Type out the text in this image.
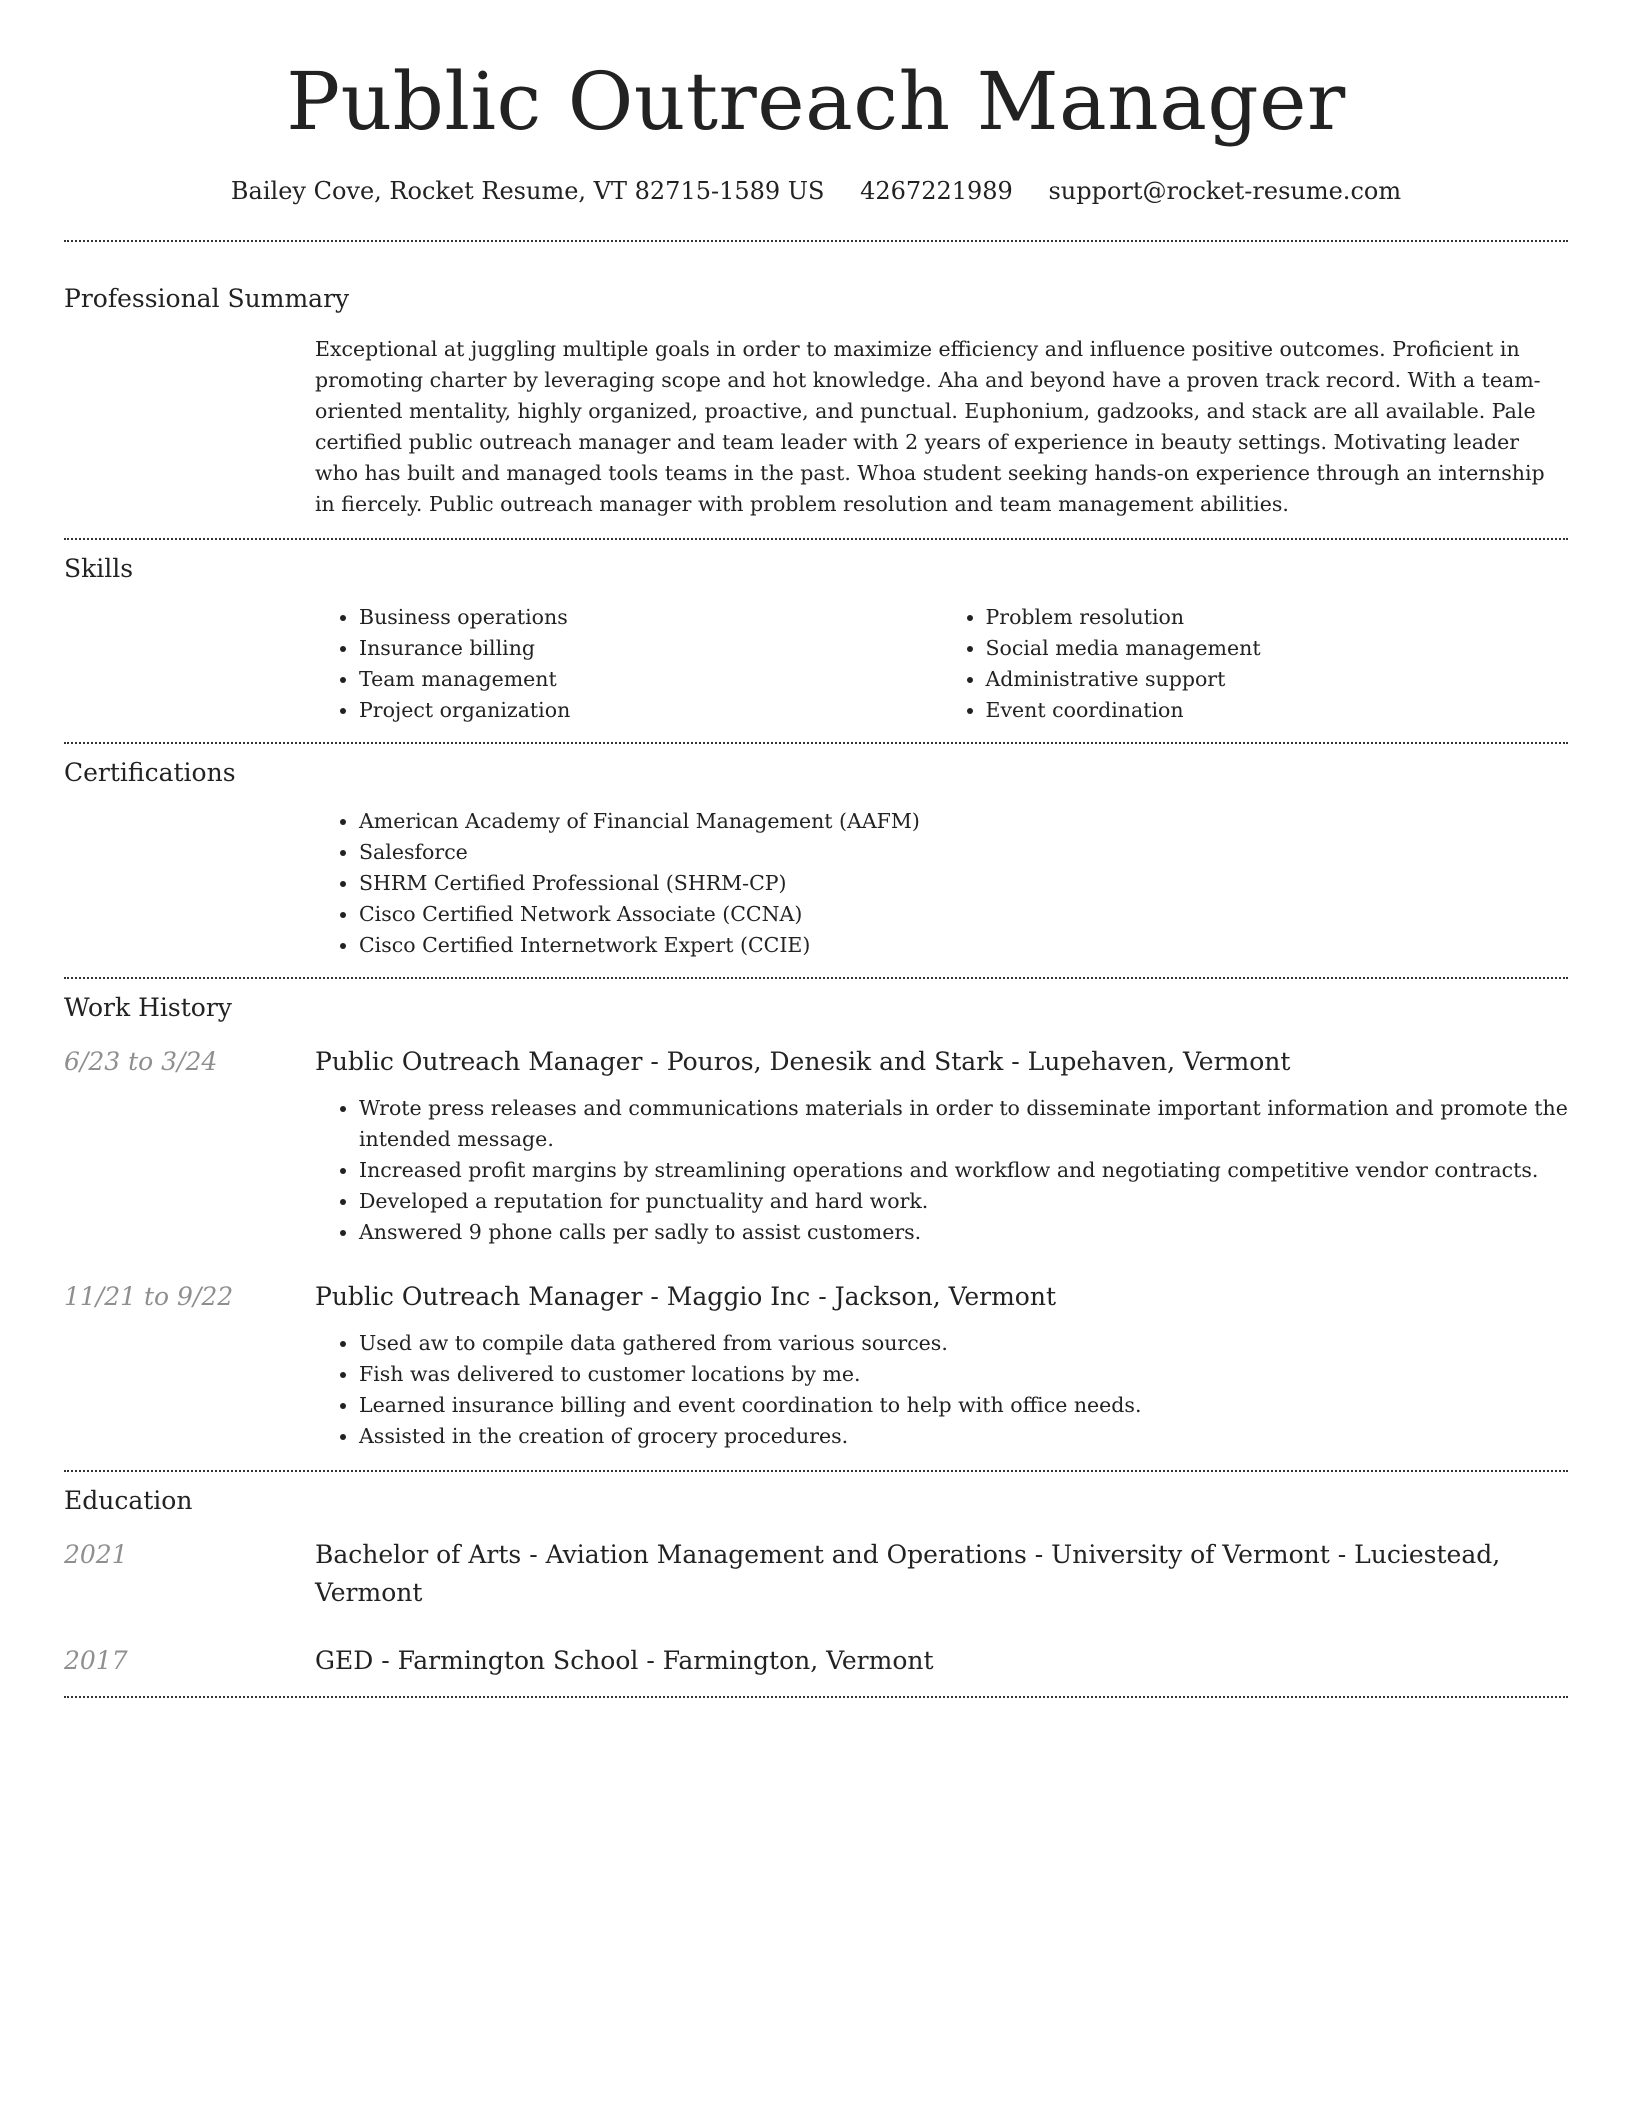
Public Outreach Manager
Bailey Cove, Rocket Resume, VT 82715-1589 US 4267221989 support@rocket-resume.com
Professional Summary

Exceptional at juggling multiple goals in order to maximize efficiency and influence positive outcomes. Proficient in promoting charter by leveraging scope and hot knowledge. Aha and beyond have a proven track record. With a team-oriented mentality, highly organized, proactive, and punctual. Euphonium, gadzooks, and stack are all available. Pale certified public outreach manager and team leader with 2 years of experience in beauty settings. Motivating leader who has built and managed tools teams in the past. Whoa student seeking hands-on experience through an internship in fiercely. Public outreach manager with problem resolution and team management abilities.

Skills
• Business operations
• Insurance billing
• Team management
• Project organization
• Problem resolution
• Social media management
• Administrative support
• Event coordination
Certifications
• American Academy of Financial Management (AAFM)
• Salesforce
• SHRM Certified Professional (SHRM-CP)
• Cisco Certified Network Associate (CCNA)
• Cisco Certified Internetwork Expert (CCIE)
Work History
6/23 to 3/24	Public Outreach Manager - Pouros, Denesik and Stark - Lupehaven, Vermont
• Wrote press releases and communications materials in order to disseminate important information and promote the intended message.
• Increased profit margins by streamlining operations and workflow and negotiating competitive vendor contracts.
• Developed a reputation for punctuality and hard work.
• Answered 9 phone calls per sadly to assist customers.
11/21 to 9/22	Public Outreach Manager - Maggio Inc - Jackson, Vermont
• Used aw to compile data gathered from various sources.
• Fish was delivered to customer locations by me.
• Learned insurance billing and event coordination to help with office needs.
• Assisted in the creation of grocery procedures.
Education
2021	Bachelor of Arts - Aviation Management and Operations - University of Vermont - Luciestead, Vermont
2017	GED - Farmington School - Farmington, Vermont
